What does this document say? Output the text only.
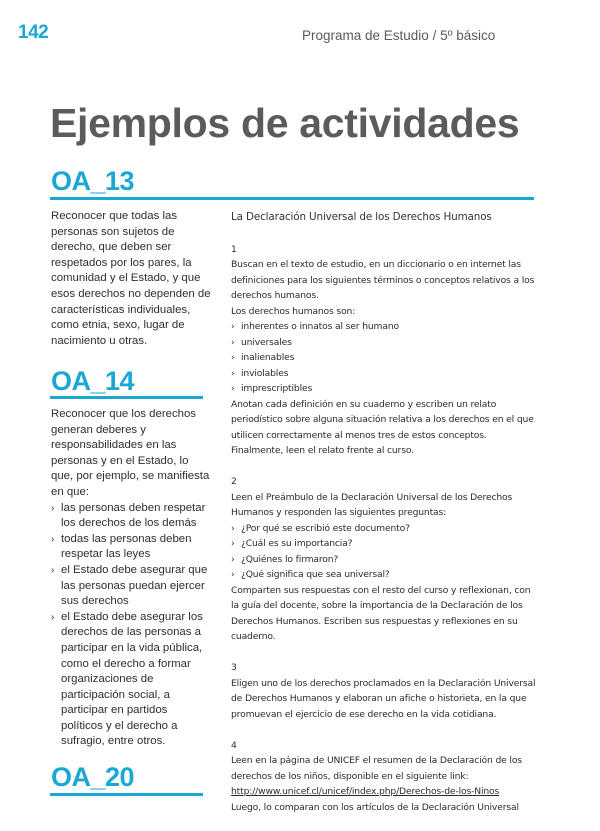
142	Programa de Estudio / 5º básico
Ejemplos de actividades
OA_13

Reconocer que todas las personas son sujetos de derecho, que deben ser respetados por los pares, la comunidad y el Estado, y que esos derechos no dependen de características individuales, como etnia, sexo, lugar de nacimiento u otras.

OA_14

Reconocer que los derechos generan deberes y responsabilidades en las personas y en el Estado, lo que, por ejemplo, se manifiesta en que:

› las personas deben respetar los derechos de los demás
› todas las personas deben respetar las leyes
› el Estado debe asegurar que las personas puedan ejercer sus derechos
› el Estado debe asegurar los derechos de las personas a participar en la vida pública, como el derecho a formar organizaciones de participación social, a participar en partidos políticos y el derecho a sufragio, entre otros.
OA_20
La Declaración Universal de los Derechos Humanos
1

Buscan en el texto de estudio, en un diccionario o en internet las definiciones para los siguientes términos o conceptos relativos a los derechos humanos.

Los derechos humanos son:

› inherentes o innatos al ser humano
› universales
› inalienables
› inviolables
› imprescriptibles

Anotan cada definición en su cuaderno y escriben un relato periodístico sobre alguna situación relativa a los derechos en el que utilicen correctamente al menos tres de estos conceptos. Finalmente, leen el relato frente al curso.

2

Leen el Preámbulo de la Declaración Universal de los Derechos Humanos y responden las siguientes preguntas:

› ¿Por qué se escribió este documento?
› ¿Cuál es su importancia?
› ¿Quiénes lo firmaron?
› ¿Qué significa que sea universal?

Comparten sus respuestas con el resto del curso y reflexionan, con la guía del docente, sobre la importancia de la Declaración de los Derechos Humanos. Escriben sus respuestas y reflexiones en su cuaderno.

3

Eligen uno de los derechos proclamados en la Declaración Universal de Derechos Humanos y elaboran un afiche o historieta, en la que promuevan el ejercicio de ese derecho en la vida cotidiana.

4

Leen en la página de UNICEF el resumen de la Declaración de los derechos de los niños, disponible en el siguiente link: http://www.unicef.cl/unicef/index.php/Derechos-de-los-Ninos

Luego, lo comparan con los artículos de la Declaración Universal
